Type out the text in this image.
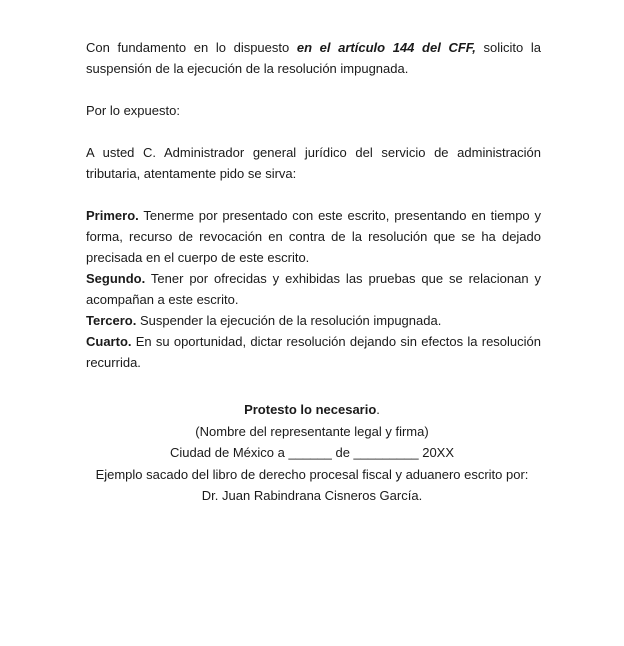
Con fundamento en lo dispuesto en el artículo 144 del CFF, solicito la suspensión de la ejecución de la resolución impugnada.

Por lo expuesto:

A usted C. Administrador general jurídico del servicio de administración tributaria, atentamente pido se sirva:

Primero. Tenerme por presentado con este escrito, presentando en tiempo y forma, recurso de revocación en contra de la resolución que se ha dejado precisada en el cuerpo de este escrito.

Segundo. Tener por ofrecidas y exhibidas las pruebas que se relacionan y acompañan a este escrito.

Tercero. Suspender la ejecución de la resolución impugnada.

Cuarto. En su oportunidad, dictar resolución dejando sin efectos la resolución recurrida.

Protesto lo necesario.
(Nombre del representante legal y firma)
Ciudad de México a ______ de _________ 20XX
Ejemplo sacado del libro de derecho procesal fiscal y aduanero escrito por:
Dr. Juan Rabindrana Cisneros García.
